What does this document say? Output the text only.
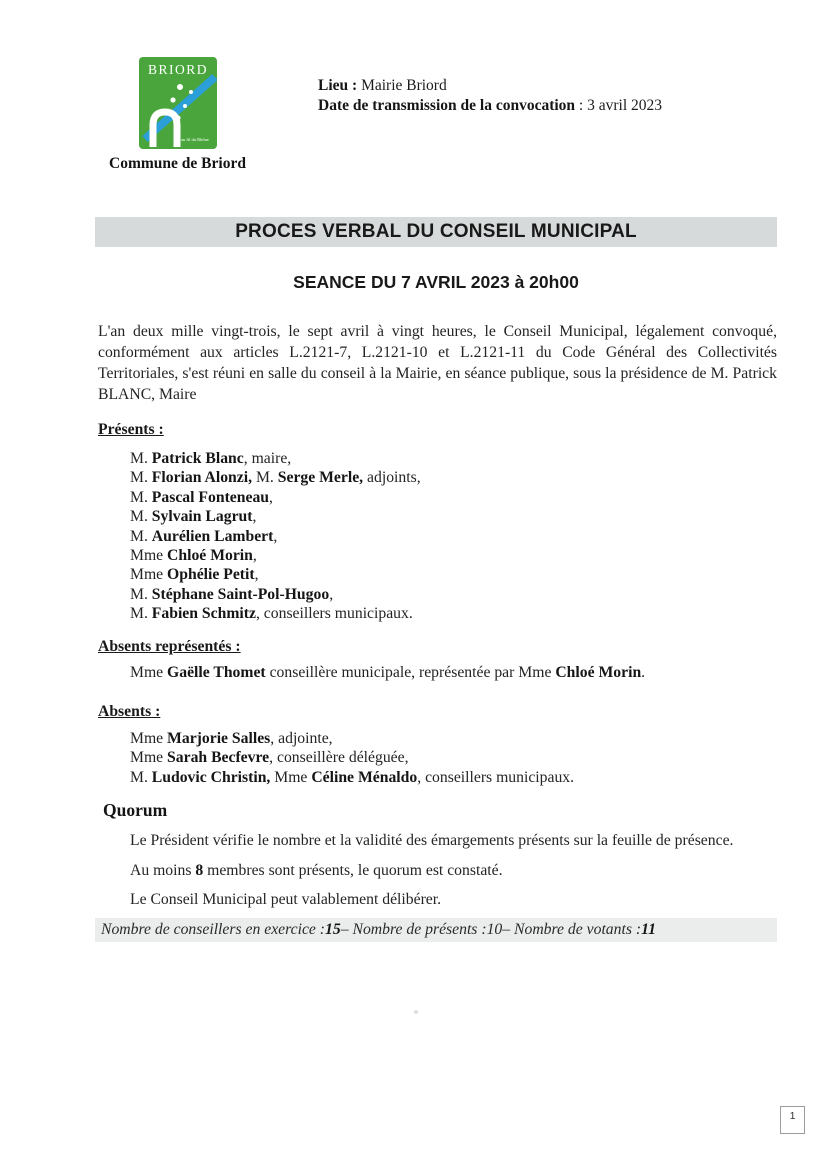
BRIORD
au fil du Rhône
Commune de Briord
Lieu : Mairie Briord
Date de transmission de la convocation : 3 avril 2023
PROCES VERBAL DU CONSEIL MUNICIPAL
SEANCE DU 7 AVRIL 2023 à 20h00
L'an deux mille vingt-trois, le sept avril à vingt heures, le Conseil Municipal, légalement convoqué, conformément aux articles L.2121-7, L.2121-10 et L.2121-11 du Code Général des Collectivités Territoriales, s'est réuni en salle du conseil à la Mairie, en séance publique, sous la présidence de M. Patrick BLANC, Maire
Présents :
M. Patrick Blanc, maire,
M. Florian Alonzi, M. Serge Merle, adjoints,
M. Pascal Fonteneau,
M. Sylvain Lagrut,
M. Aurélien Lambert,
Mme Chloé Morin,
Mme Ophélie Petit,
M. Stéphane Saint-Pol-Hugoo,
M. Fabien Schmitz, conseillers municipaux.
Absents représentés :
Mme Gaëlle Thomet conseillère municipale, représentée par Mme Chloé Morin.
Absents :
Mme Marjorie Salles, adjointe,
Mme Sarah Becfevre, conseillère déléguée,
M. Ludovic Christin, Mme Céline Ménaldo, conseillers municipaux.
Quorum
Le Président vérifie le nombre et la validité des émargements présents sur la feuille de présence.
Au moins 8 membres sont présents, le quorum est constaté.
Le Conseil Municipal peut valablement délibérer.
Nombre de conseillers en exercice : 15 – Nombre de présents : 10 – Nombre de votants : 11
1
